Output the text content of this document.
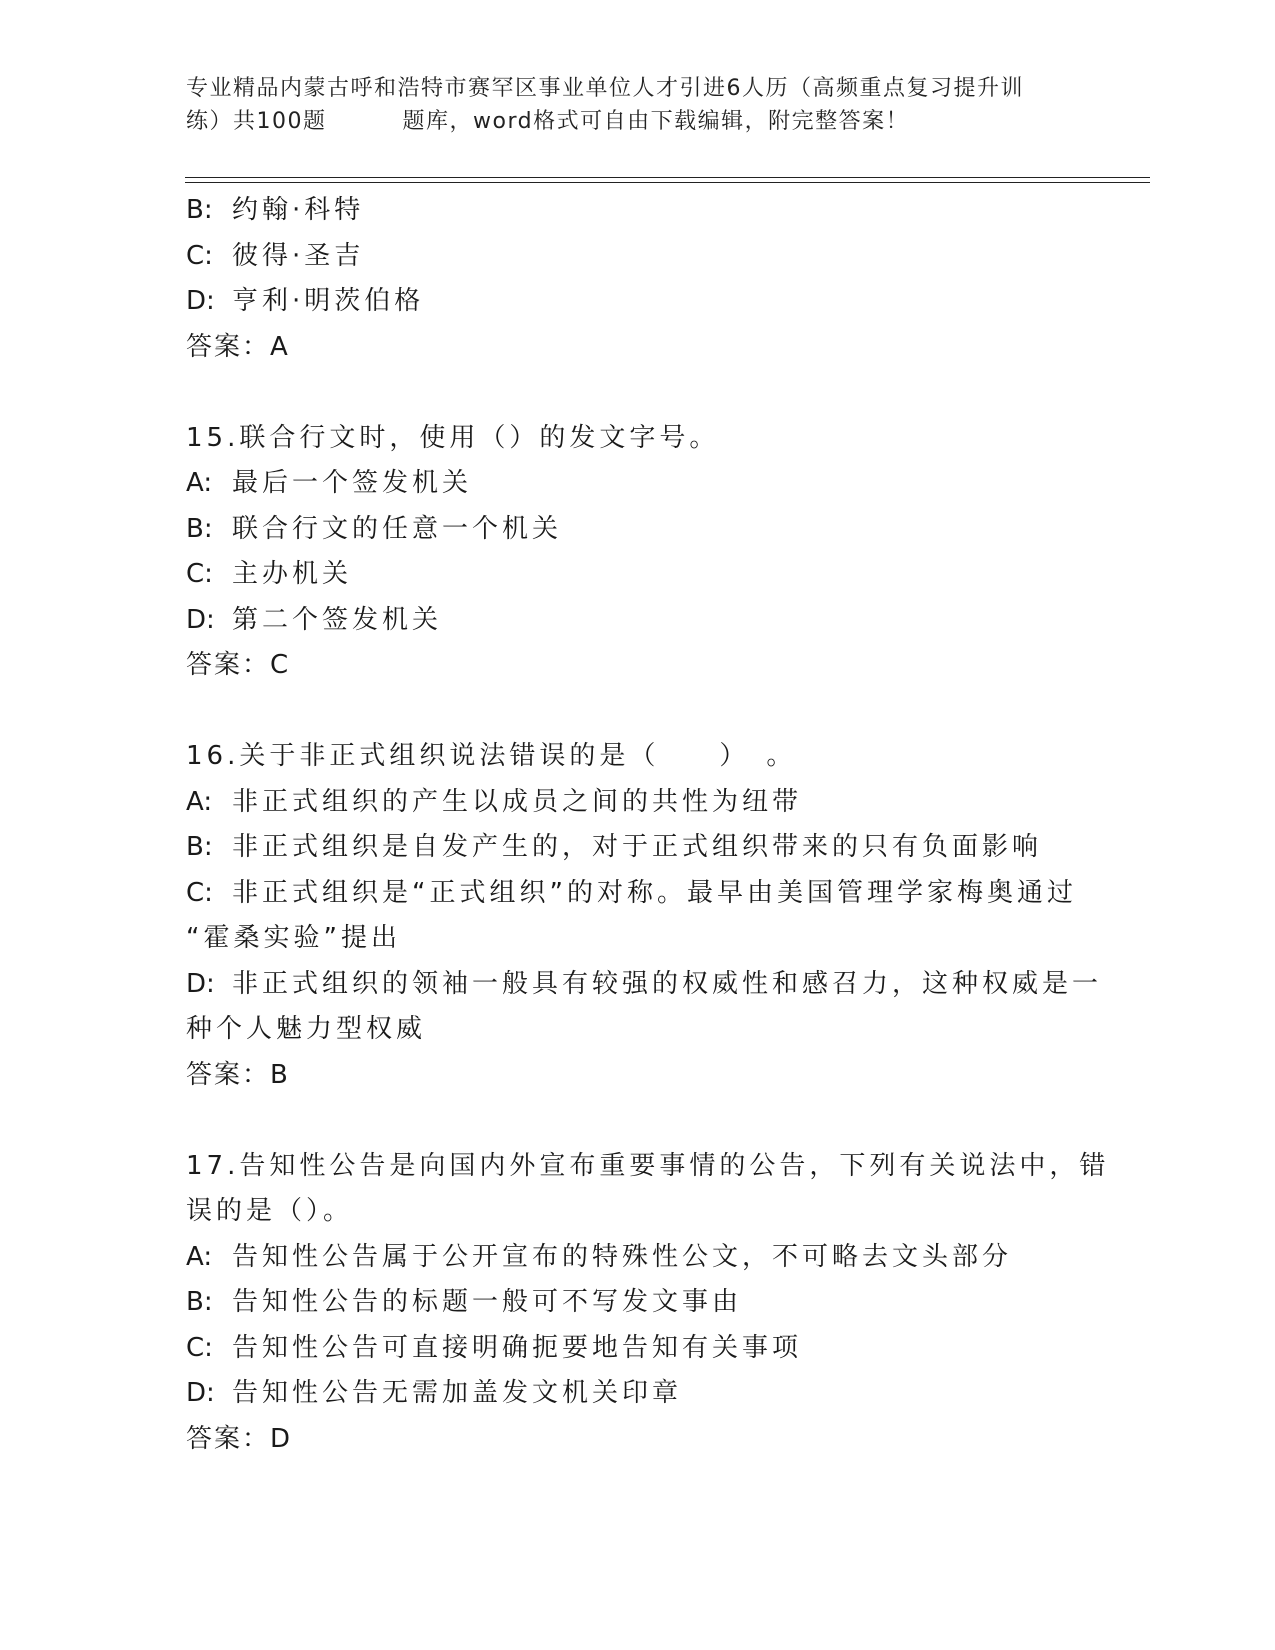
专业精品内蒙古呼和浩特市赛罕区事业单位人才引进6人历（高频重点复习提升训
练）共100题	题库，word格式可自由下载编辑，附完整答案！
B: 约翰·科特
C: 彼得·圣吉
D: 亨利·明茨伯格
答案：A
15.联合行文时，使用（）的发文字号。
A: 最后一个签发机关
B: 联合行文的任意一个机关
C: 主办机关
D: 第二个签发机关
答案：C
16.关于非正式组织说法错误的是（　　）　。
A: 非正式组织的产生以成员之间的共性为纽带
B: 非正式组织是自发产生的，对于正式组织带来的只有负面影响
C: 非正式组织是“正式组织”的对称。最早由美国管理学家梅奥通过
“霍桑实验”提出
D: 非正式组织的领袖一般具有较强的权威性和感召力，这种权威是一
种个人魅力型权威
答案：B
17.告知性公告是向国内外宣布重要事情的公告，下列有关说法中，错
误的是（）。
A: 告知性公告属于公开宣布的特殊性公文，不可略去文头部分
B: 告知性公告的标题一般可不写发文事由
C: 告知性公告可直接明确扼要地告知有关事项
D: 告知性公告无需加盖发文机关印章
答案：D
